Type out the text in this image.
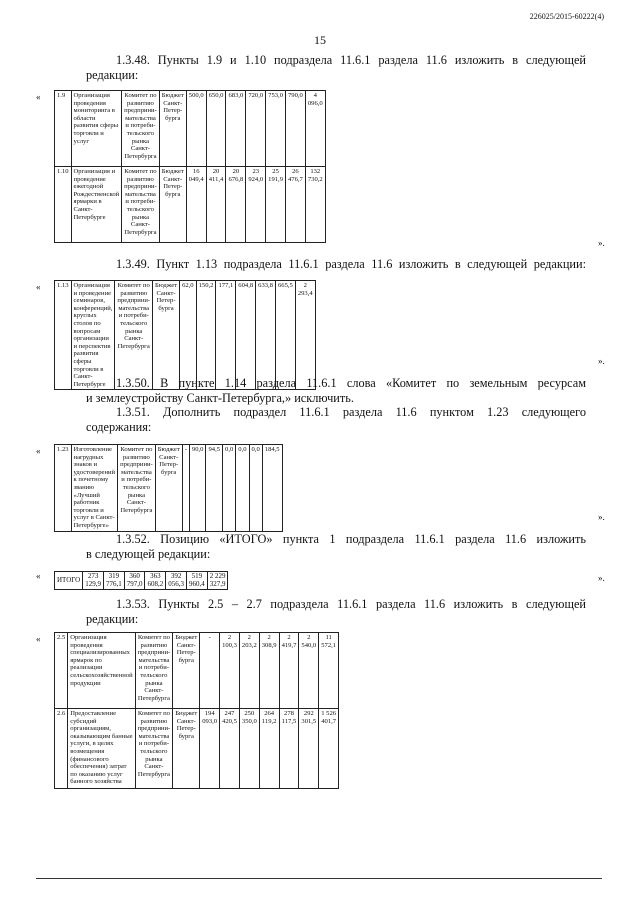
226025/2015-60222(4)
15
1.3.48. Пункты 1.9 и 1.10 подраздела 11.6.1 раздела 11.6 изложить в следующей
редакции:
«	1.9	Организация проведения мониторинга в области развития сферы торговли и услуг	Комитет по развитию предприни-мательства и потреби-тельского рынка Санкт-Петербурга	Бюджет Санкт-Петер-бурга	500,0	650,0	683,0	720,0	753,0	790,0	4 096,0
1.10	Организация и проведение ежегодной Рождественской ярмарки в Санкт-Петербурге	Комитет по развитию предприни-мательства и потреби-тельского рынка Санкт-Петербурга	Бюджет Санкт-Петер-бурга	16 049,4	20 411,4	20 676,8	23 924,0	25 191,9	26 476,7	132 730,2
».
1.3.49. Пункт 1.13 подраздела 11.6.1 раздела 11.6 изложить в следующей редакции:
«	1.13	Организация и проведение семинаров, конференций, круглых столов по вопросам организации и перспектив развития сферы торговли в Санкт-Петербурге	Комитет по развитию предприни-мательства и потреби-тельского рынка Санкт-Петербурга	Бюджет Санкт-Петер-бурга	62,0	150,2	177,1	604,8	633,8	665,5	2 293,4
».
1.3.50. В пункте 1.14 раздела 11.6.1 слова «Комитет по земельным ресурсам
и землеустройству Санкт-Петербурга,» исключить.
1.3.51. Дополнить подраздел 11.6.1 раздела 11.6 пунктом 1.23 следующего
содержания:
«	1.23	Изготовление нагрудных знаков и удостоверений к почетному званию «Лучший работник торговли и услуг в Санкт-Петербурге»	Комитет по развитию предприни-мательства и потреби-тельского рынка Санкт-Петербурга	Бюджет Санкт-Петер-бурга	-	90,0	94,5	0,0	0,0	0,0	184,5
».
1.3.52. Позицию «ИТОГО» пункта 1 подраздела 11.6.1 раздела 11.6 изложить
в следующей редакции:
« ИТОГО	273 129,9	319 776,1	360 797,0	363 608,2	392 056,3	519 960,4	2 229 327,9
».
1.3.53. Пункты 2.5 – 2.7 подраздела 11.6.1 раздела 11.6 изложить в следующей
редакции:
«	2.5	Организация проведения специализированных ярмарок по реализации сельскохозяйственной продукции	Комитет по развитию предприни-мательства и потреби-тельского рынка Санкт-Петербурга	Бюджет Санкт-Петер-бурга	-	2 100,3	2 203,2	2 308,9	2 419,7	2 540,0	11 572,1
2.6	Предоставление субсидий организациям, оказывающим банные услуги, в целях возмещения (финансового обеспечения) затрат по оказанию услуг банного хозяйства	Комитет по развитию предприни-мательства и потреби-тельского рынка Санкт-Петербурга	Бюджет Санкт-Петер-бурга	194 093,0	247 420,5	250 350,0	264 119,2	278 117,5	292 301,5	1 526 401,7
